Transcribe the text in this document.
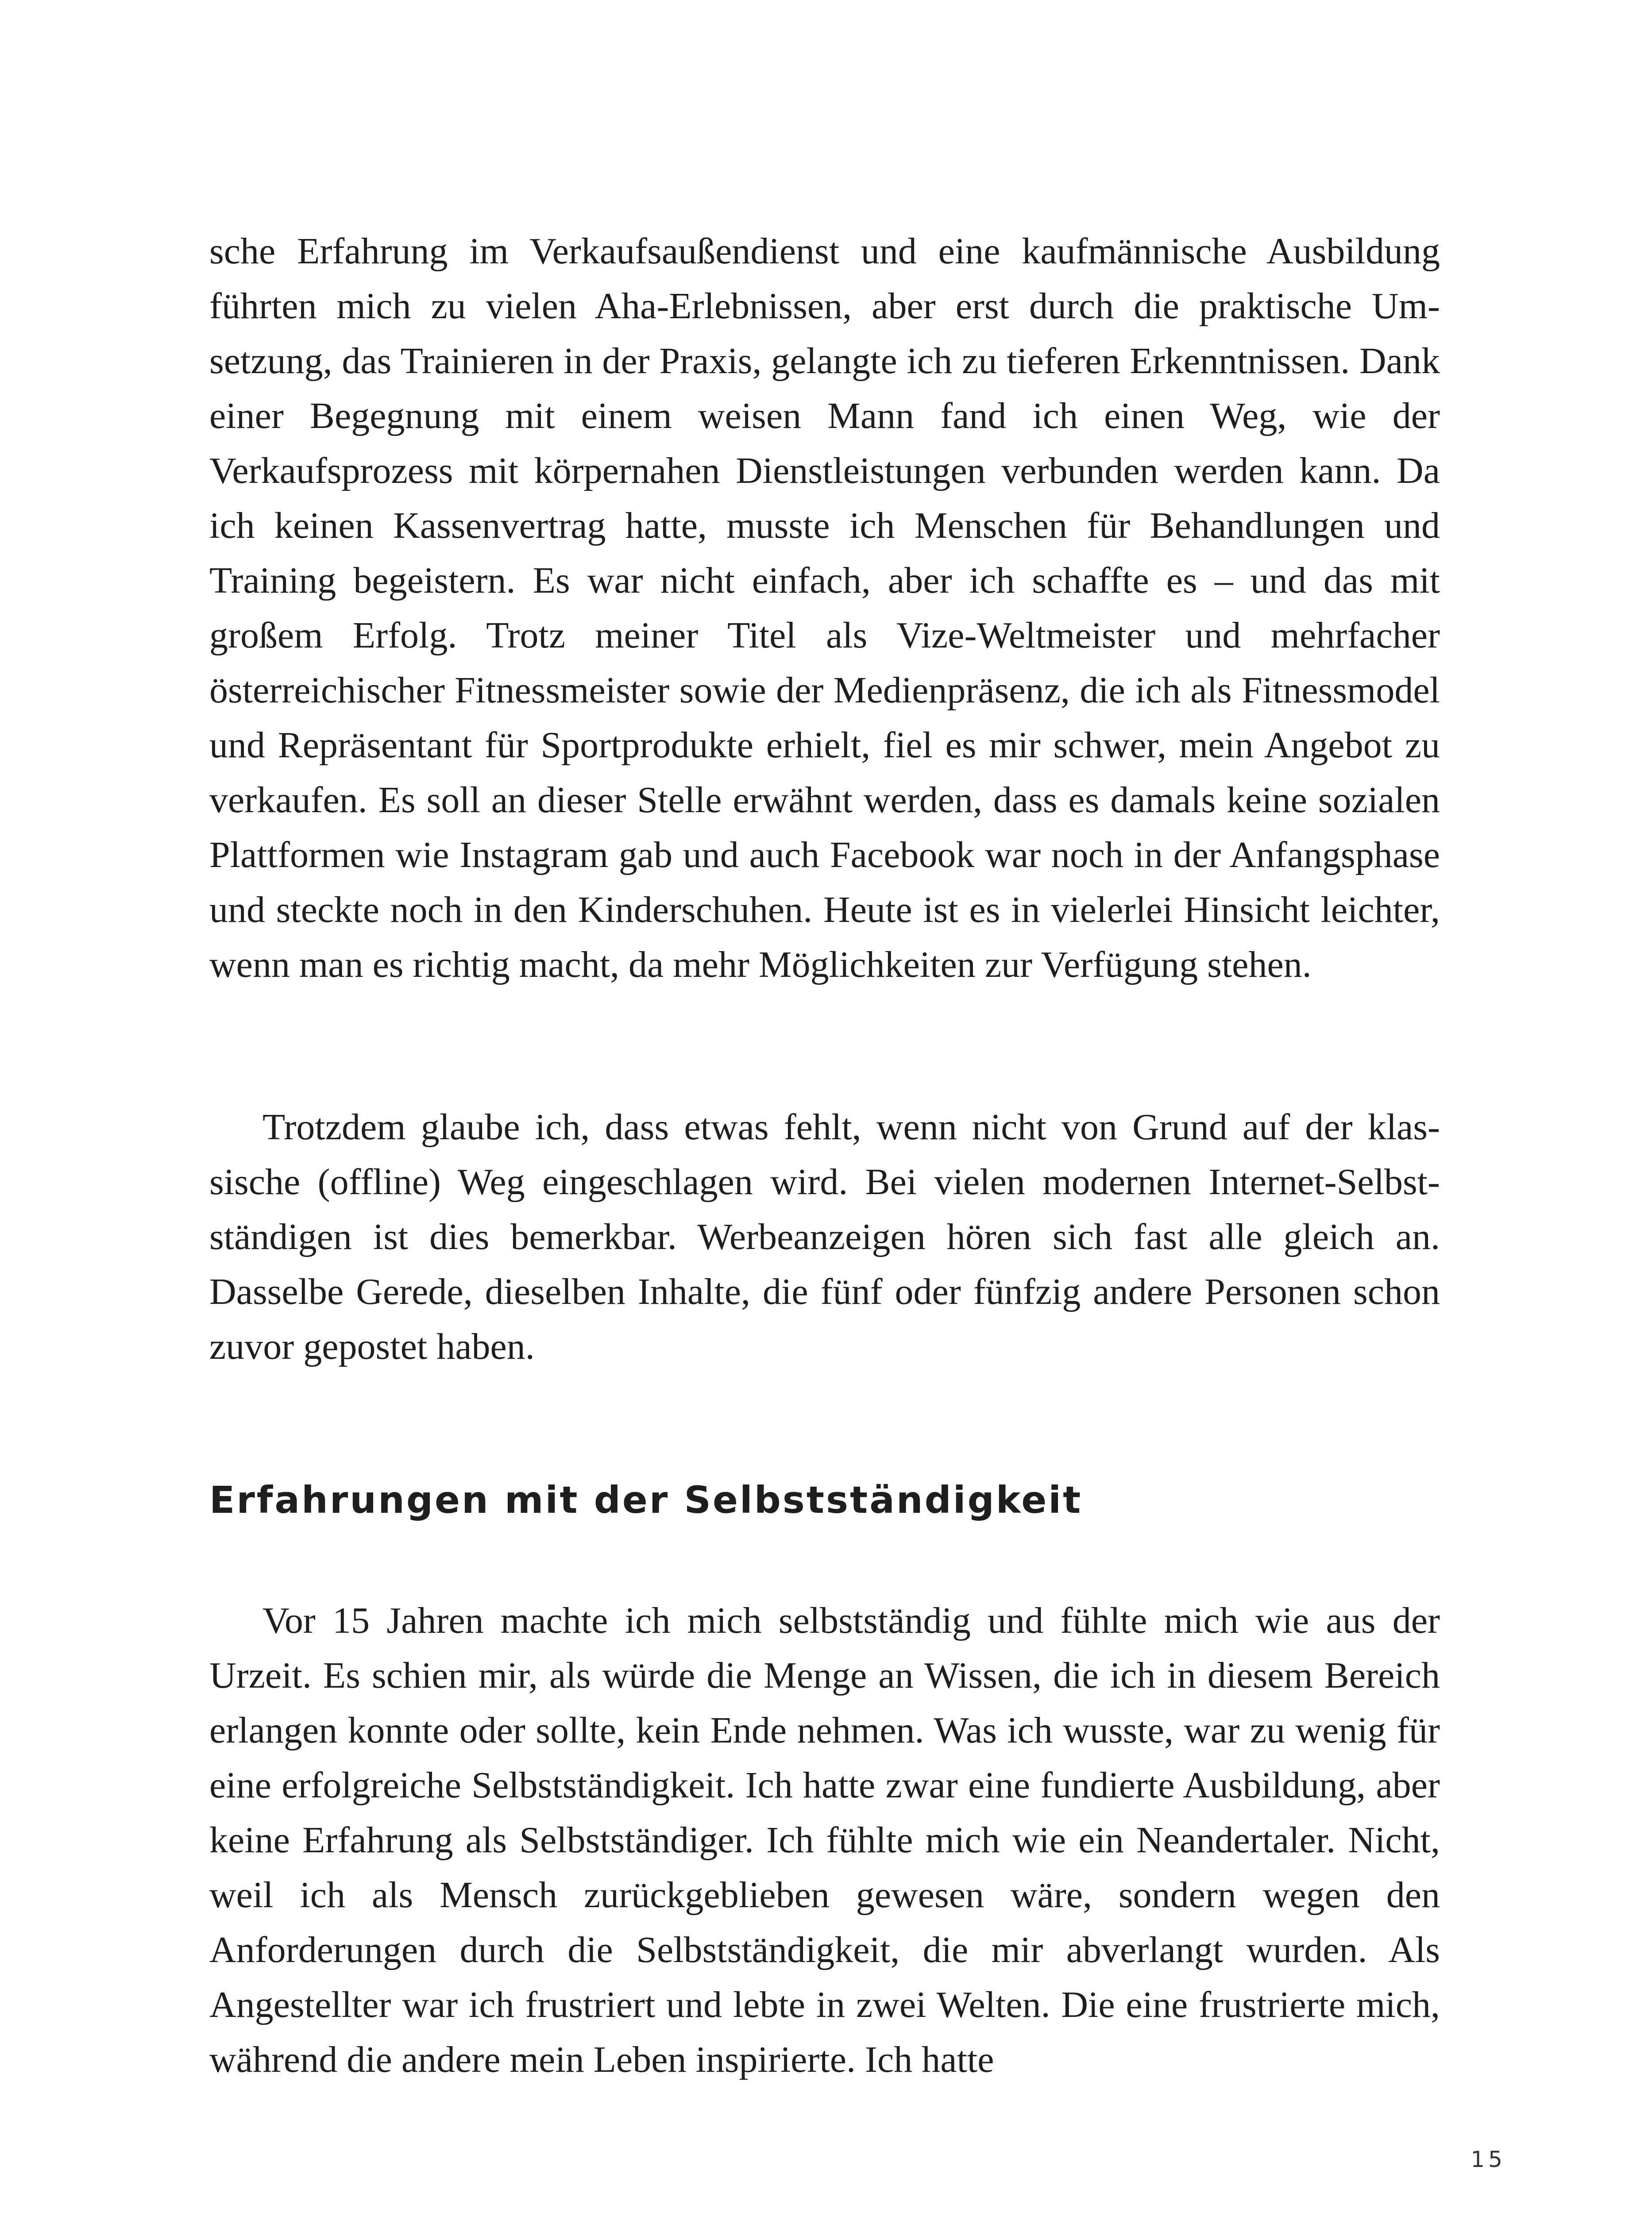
sche Erfahrung im Verkaufsaußendienst und eine kaufmännische Ausbildung führten mich zu vielen Aha-Erlebnissen, aber erst durch die praktische Umsetzung, das Trainieren in der Praxis, gelangte ich zu tieferen Erkenntnissen. Dank einer Begegnung mit einem weisen Mann fand ich einen Weg, wie der Verkaufsprozess mit körpernahen Dienstleistungen verbunden werden kann. Da ich keinen Kassenvertrag hatte, musste ich Menschen für Behandlungen und Training begeistern. Es war nicht einfach, aber ich schaffte es – und das mit großem Erfolg. Trotz meiner Titel als Vize-Weltmeister und mehrfacher österreichischer Fitnessmeister sowie der Medienpräsenz, die ich als Fitnessmodel und Repräsentant für Sportprodukte erhielt, fiel es mir schwer, mein Angebot zu verkaufen. Es soll an dieser Stelle erwähnt werden, dass es damals keine sozialen Plattformen wie Instagram gab und auch Facebook war noch in der Anfangsphase und steckte noch in den Kinderschuhen. Heute ist es in vielerlei Hinsicht leichter, wenn man es richtig macht, da mehr Möglichkeiten zur Verfügung stehen.

Trotzdem glaube ich, dass etwas fehlt, wenn nicht von Grund auf der klassische (offline) Weg eingeschlagen wird. Bei vielen modernen Internet-Selbstständigen ist dies bemerkbar. Werbeanzeigen hören sich fast alle gleich an. Dasselbe Gerede, dieselben Inhalte, die fünf oder fünfzig andere Personen schon zuvor gepostet haben.

Erfahrungen mit der Selbstständigkeit

Vor 15 Jahren machte ich mich selbstständig und fühlte mich wie aus der Urzeit. Es schien mir, als würde die Menge an Wissen, die ich in diesem Bereich erlangen konnte oder sollte, kein Ende nehmen. Was ich wusste, war zu wenig für eine erfolgreiche Selbstständigkeit. Ich hatte zwar eine fundierte Ausbildung, aber keine Erfahrung als Selbstständiger. Ich fühlte mich wie ein Neandertaler. Nicht, weil ich als Mensch zurückgeblieben gewesen wäre, sondern wegen den Anforderungen durch die Selbstständigkeit, die mir abverlangt wurden. Als Angestellter war ich frustriert und lebte in zwei Welten. Die eine frustrierte mich, während die andere mein Leben inspirierte. Ich hatte

15
